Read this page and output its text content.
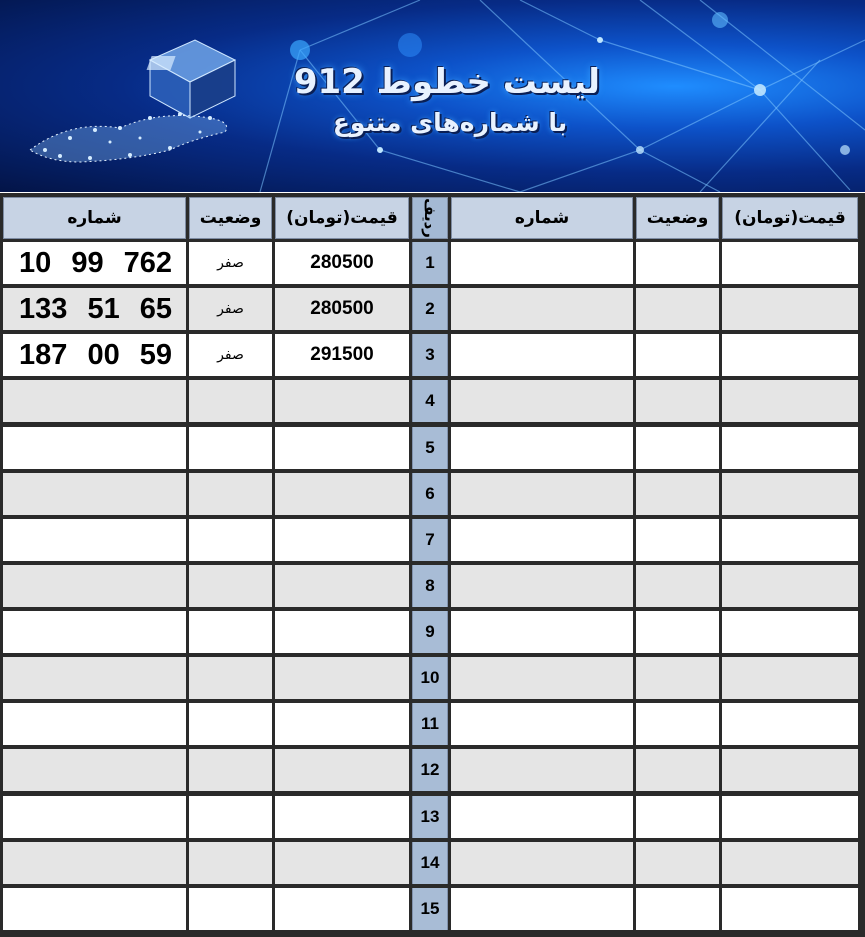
لیست خطوط 912
با شماره‌های متنوع
شماره	وضعیت	قیمت(تومان)	ردیف	شماره	وضعیت	قیمت(تومان)
10 99 762	صفر	280500	1
133 51 65	صفر	280500	2
187 00 59	صفر	291500	3
4
5
6
7
8
9
10
11
12
13
14
15
